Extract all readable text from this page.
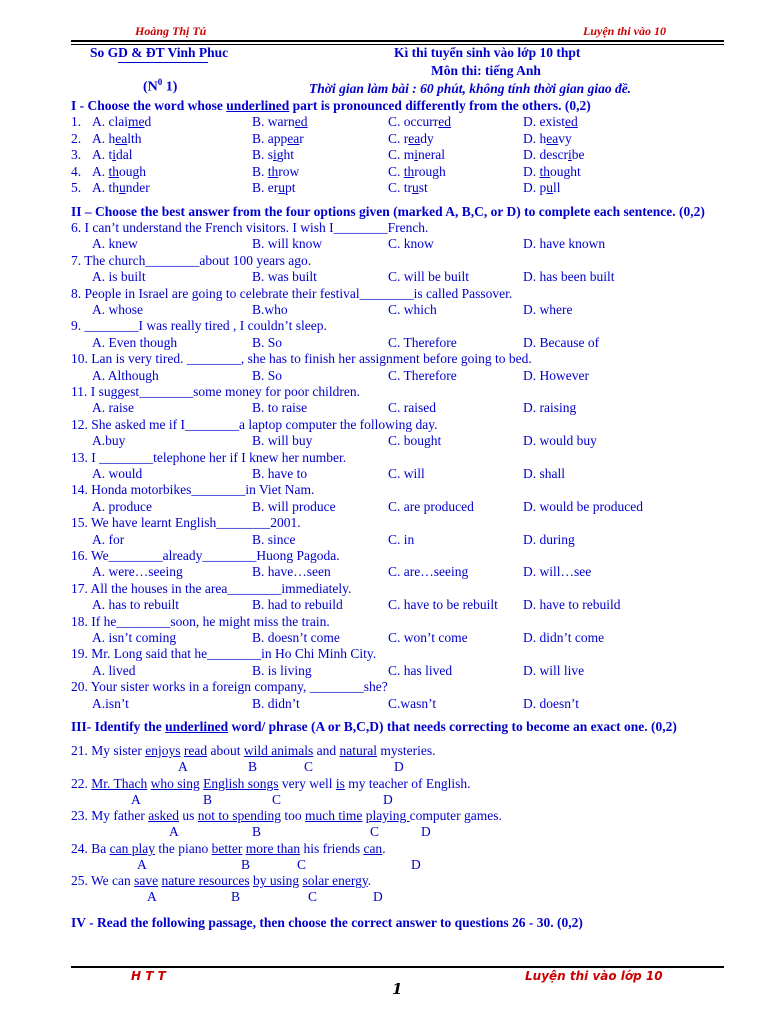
Hoàng Thị Tú	Luyện thi vào 10
So GD & ĐT Vinh Phuc
($N^0$ 1)
Kì thi tuyển sinh vào lớp 10 thpt
Môn thi: tiếng Anh
Thời gian làm bài : 60 phút, không tính thời gian giao đề.
I - Choose the word whose underlined part is pronounced differently from the others. (0,2)
1. A. claimed	B. warned	C. occurred	D. existed
2. A. health	B. appear	C. ready	D. heavy
3. A. tidal	B. sight	C. mineral	D. describe
4. A. though	B. throw	C. through	D. thought
5. A. thunder	B. erupt	C. trust	D. pull
II – Choose the best answer from the four options given (marked A, B,C, or D) to complete each sentence. (0,2)
6. I can’t understand the French visitors. I wish I________French.
A. knew	B. will know	C. know	D. have known
7. The church________about 100 years ago.
A. is built	B. was built	C. will be built	D. has been built
8. People in Israel are going to celebrate their festival________is called Passover.
A. whose	B.who	C. which	D. where
9. ________I was really tired , I couldn’t sleep.
A. Even though	B. So	C. Therefore	D. Because of
10. Lan is very tired. ________, she has to finish her assignment before going to bed.
A. Although	B. So	C. Therefore	D. However
11. I suggest________some money for poor children.
A. raise	B. to raise	C. raised	D. raising
12. She asked me if I________a laptop computer the following day.
A.buy	B. will buy	C. bought	D. would buy
13. I ________telephone her if I knew her number.
A. would	B. have to	C. will	D. shall
14. Honda motorbikes________in Viet Nam.
A. produce	B. will produce	C. are produced	D. would be produced
15. We have learnt English________2001.
A. for	B. since	C. in	D. during
16. We________already________Huong Pagoda.
A. were…seeing	B. have…seen	C. are…seeing	D. will…see
17. All the houses in the area________immediately.
A. has to rebuilt	B. had to rebuild	C. have to be rebuilt D. have to rebuild
18. If he________soon, he might miss the train.
A. isn’t coming	B. doesn’t come	C. won’t come	D. didn’t come
19. Mr. Long said that he________in Ho Chi Minh City.
A. lived	B. is living	C. has lived	D. will live
20. Your sister works in a foreign company, ________she?
A.isn’t	B. didn’t	C.wasn’t	D. doesn’t
III- Identify the underlined word/ phrase (A or B,C,D) that needs correcting to become an exact one. (0,2)
21. My sister enjoys read about wild animals and natural mysteries.
A	B	C	D
22. Mr. Thach who sing English songs very well is my teacher of English.
A	B	C	D
23. My father asked us not to spending too much time playing computer games.
A	B	C	D
24. Ba can play the piano better more than his friends can.
A	B	C	D
25. We can save nature resources by using solar energy.
A	B	C	D
IV - Read the following passage, then choose the correct answer to questions 26 - 30. (0,2)
H T T	Luyện thi vào lớp 10
1
